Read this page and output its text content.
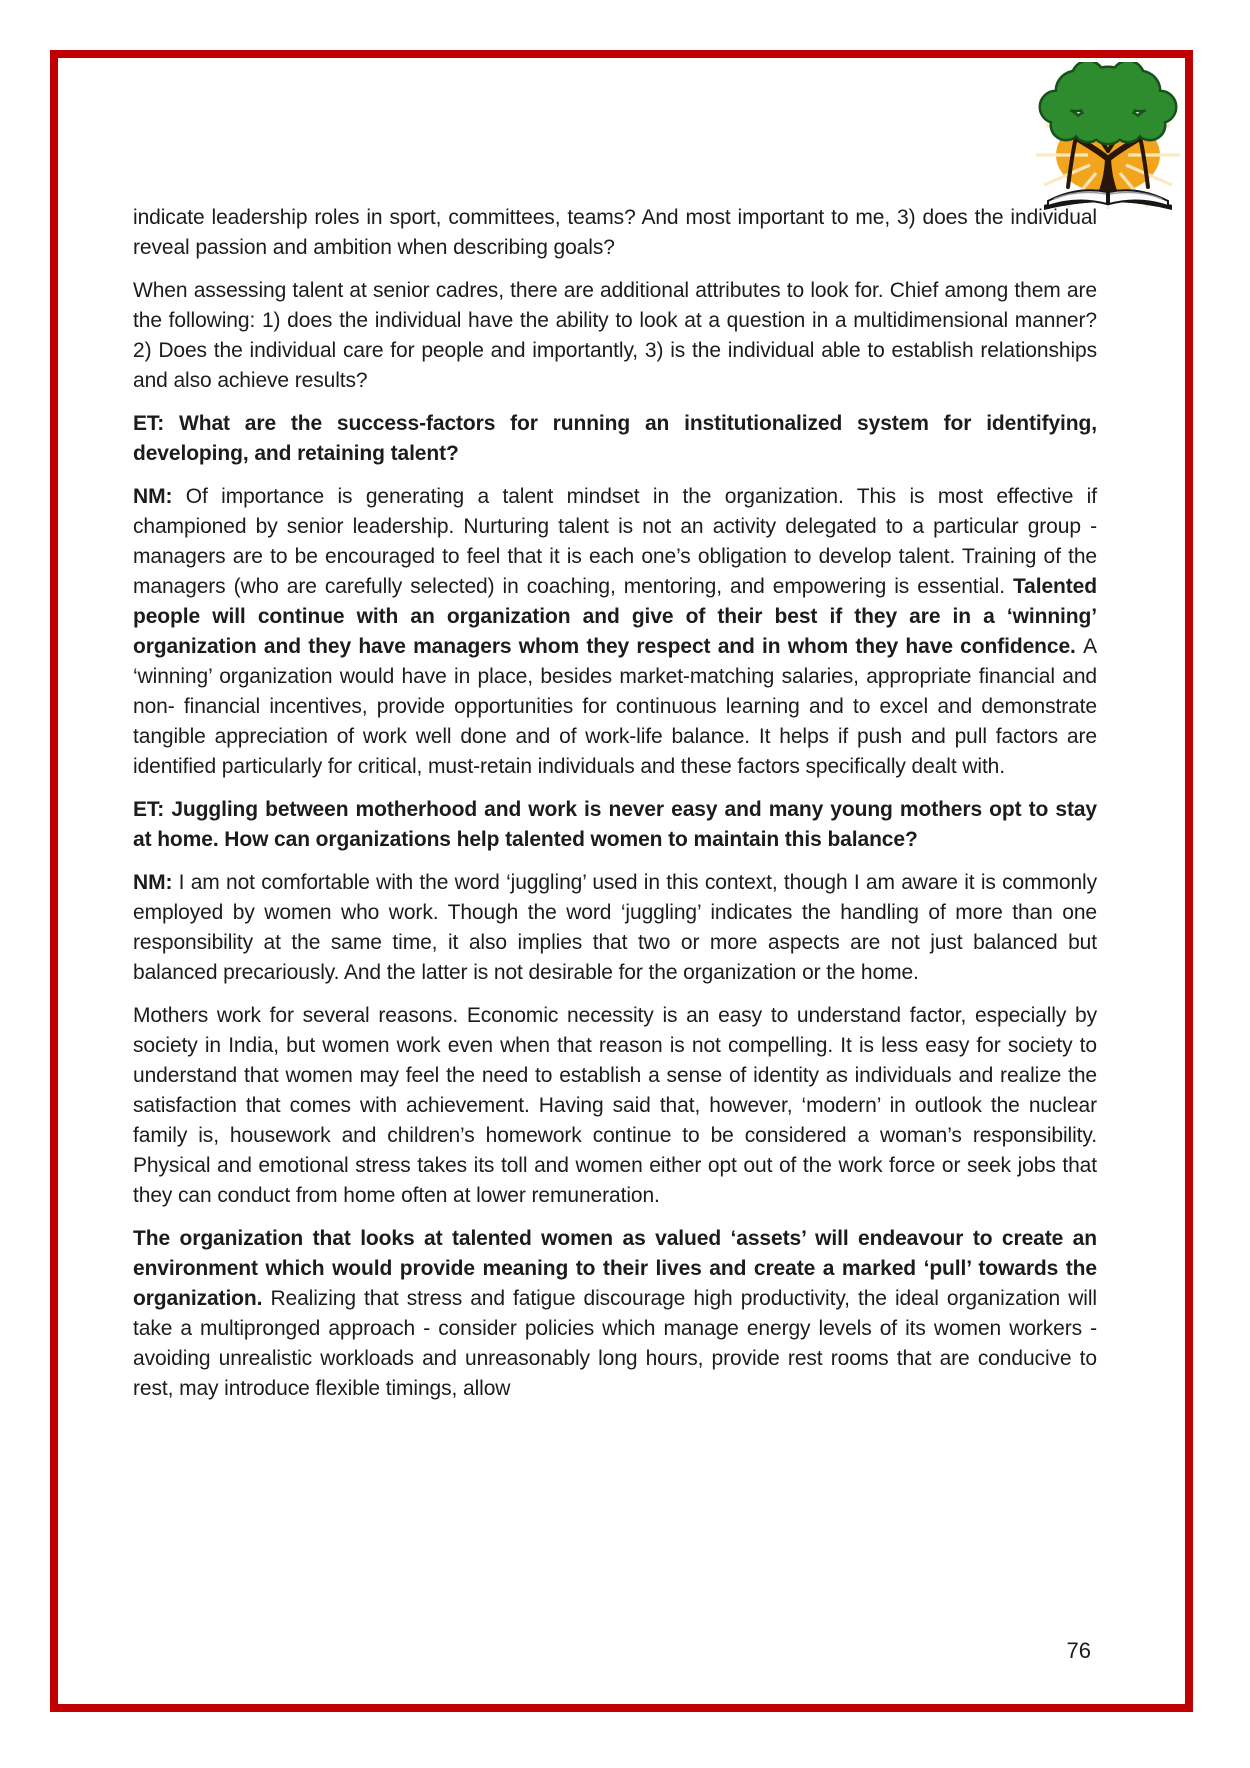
indicate leadership roles in sport, committees, teams? And most important to me, 3) does the individual reveal passion and ambition when describing goals?

When assessing talent at senior cadres, there are additional attributes to look for. Chief among them are the following: 1) does the individual have the ability to look at a question in a multidimensional manner? 2) Does the individual care for people and importantly, 3) is the individual able to establish relationships and also achieve results?

ET: What are the success-factors for running an institutionalized system for identifying, developing, and retaining talent?

NM: Of importance is generating a talent mindset in the organization. This is most effective if championed by senior leadership. Nurturing talent is not an activity delegated to a particular group - managers are to be encouraged to feel that it is each one’s obligation to develop talent. Training of the managers (who are carefully selected) in coaching, mentoring, and empowering is essential. Talented people will continue with an organization and give of their best if they are in a ‘winning’ organization and they have managers whom they respect and in whom they have confidence. A ‘winning’ organization would have in place, besides market-matching salaries, appropriate financial and non- financial incentives, provide opportunities for continuous learning and to excel and demonstrate tangible appreciation of work well done and of work-life balance. It helps if push and pull factors are identified particularly for critical, must-retain individuals and these factors specifically dealt with.

ET: Juggling between motherhood and work is never easy and many young mothers opt to stay at home. How can organizations help talented women to maintain this balance?

NM: I am not comfortable with the word ‘juggling’ used in this context, though I am aware it is commonly employed by women who work. Though the word ‘juggling’ indicates the handling of more than one responsibility at the same time, it also implies that two or more aspects are not just balanced but balanced precariously. And the latter is not desirable for the organization or the home.

Mothers work for several reasons. Economic necessity is an easy to understand factor, especially by society in India, but women work even when that reason is not compelling. It is less easy for society to understand that women may feel the need to establish a sense of identity as individuals and realize the satisfaction that comes with achievement. Having said that, however, ‘modern’ in outlook the nuclear family is, housework and children’s homework continue to be considered a woman’s responsibility. Physical and emotional stress takes its toll and women either opt out of the work force or seek jobs that they can conduct from home often at lower remuneration.

The organization that looks at talented women as valued ‘assets’ will endeavour to create an environment which would provide meaning to their lives and create a marked ‘pull’ towards the organization. Realizing that stress and fatigue discourage high productivity, the ideal organization will take a multipronged approach - consider policies which manage energy levels of its women workers - avoiding unrealistic workloads and unreasonably long hours, provide rest rooms that are conducive to rest, may introduce flexible timings, allow

76
